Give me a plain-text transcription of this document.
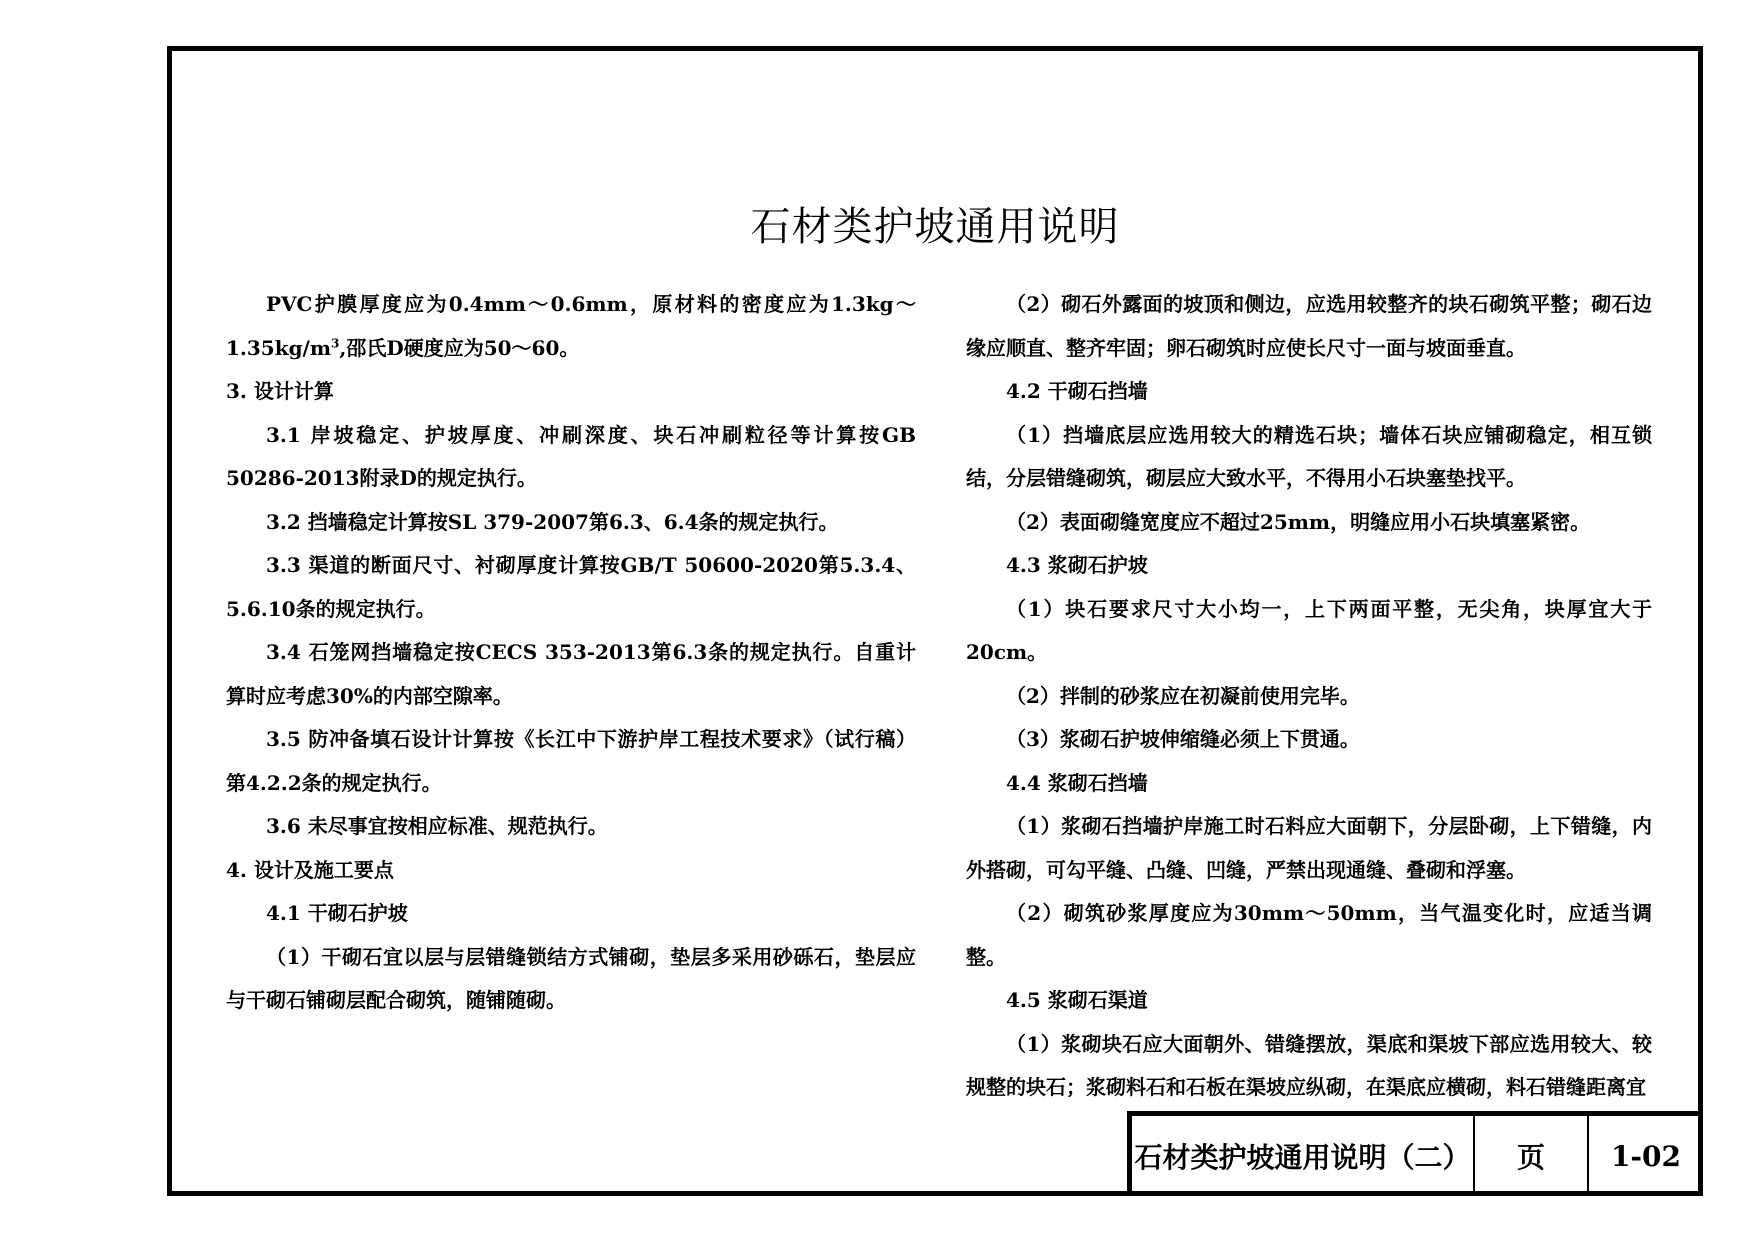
石材类护坡通用说明

PVC护膜厚度应为0.4mm～0.6mm，原材料的密度应为$1.3kg\sim 1.35kg/m^3$,邵氏D硬度应为50～60。

3. 设计计算

3.1 岸坡稳定、护坡厚度、冲刷深度、块石冲刷粒径等计算按GB 50286-2013附录D的规定执行。

3.2 挡墙稳定计算按SL 379-2007第6.3、6.4条的规定执行。

3.3 渠道的断面尺寸、衬砌厚度计算按GB/T 50600-2020第5.3.4、5.6.10条的规定执行。

3.4 石笼网挡墙稳定按CECS 353-2013第6.3条的规定执行。自重计算时应考虑30%的内部空隙率。

3.5 防冲备填石设计计算按《长江中下游护岸工程技术要求》（试行稿）第4.2.2条的规定执行。

3.6 未尽事宜按相应标准、规范执行。

4. 设计及施工要点

4.1 干砌石护坡

（1）干砌石宜以层与层错缝锁结方式铺砌，垫层多采用砂砾石，垫层应与干砌石铺砌层配合砌筑，随铺随砌。

（2）砌石外露面的坡顶和侧边，应选用较整齐的块石砌筑平整；砌石边缘应顺直、整齐牢固；卵石砌筑时应使长尺寸一面与坡面垂直。

4.2 干砌石挡墙

（1）挡墙底层应选用较大的精选石块；墙体石块应铺砌稳定，相互锁结，分层错缝砌筑，砌层应大致水平，不得用小石块塞垫找平。

（2）表面砌缝宽度应不超过25mm，明缝应用小石块填塞紧密。

4.3 浆砌石护坡

（1）块石要求尺寸大小均一，上下两面平整，无尖角，块厚宜大于20cm。

（2）拌制的砂浆应在初凝前使用完毕。

（3）浆砌石护坡伸缩缝必须上下贯通。

4.4 浆砌石挡墙

（1）浆砌石挡墙护岸施工时石料应大面朝下，分层卧砌，上下错缝，内外搭砌，可勾平缝、凸缝、凹缝，严禁出现通缝、叠砌和浮塞。

（2）砌筑砂浆厚度应为30mm～50mm，当气温变化时，应适当调整。

4.5 浆砌石渠道

（1）浆砌块石应大面朝外、错缝摆放，渠底和渠坡下部应选用较大、较规整的块石；浆砌料石和石板在渠坡应纵砌，在渠底应横砌，料石错缝距离宜

石材类护坡通用说明（二）	页	1-02
